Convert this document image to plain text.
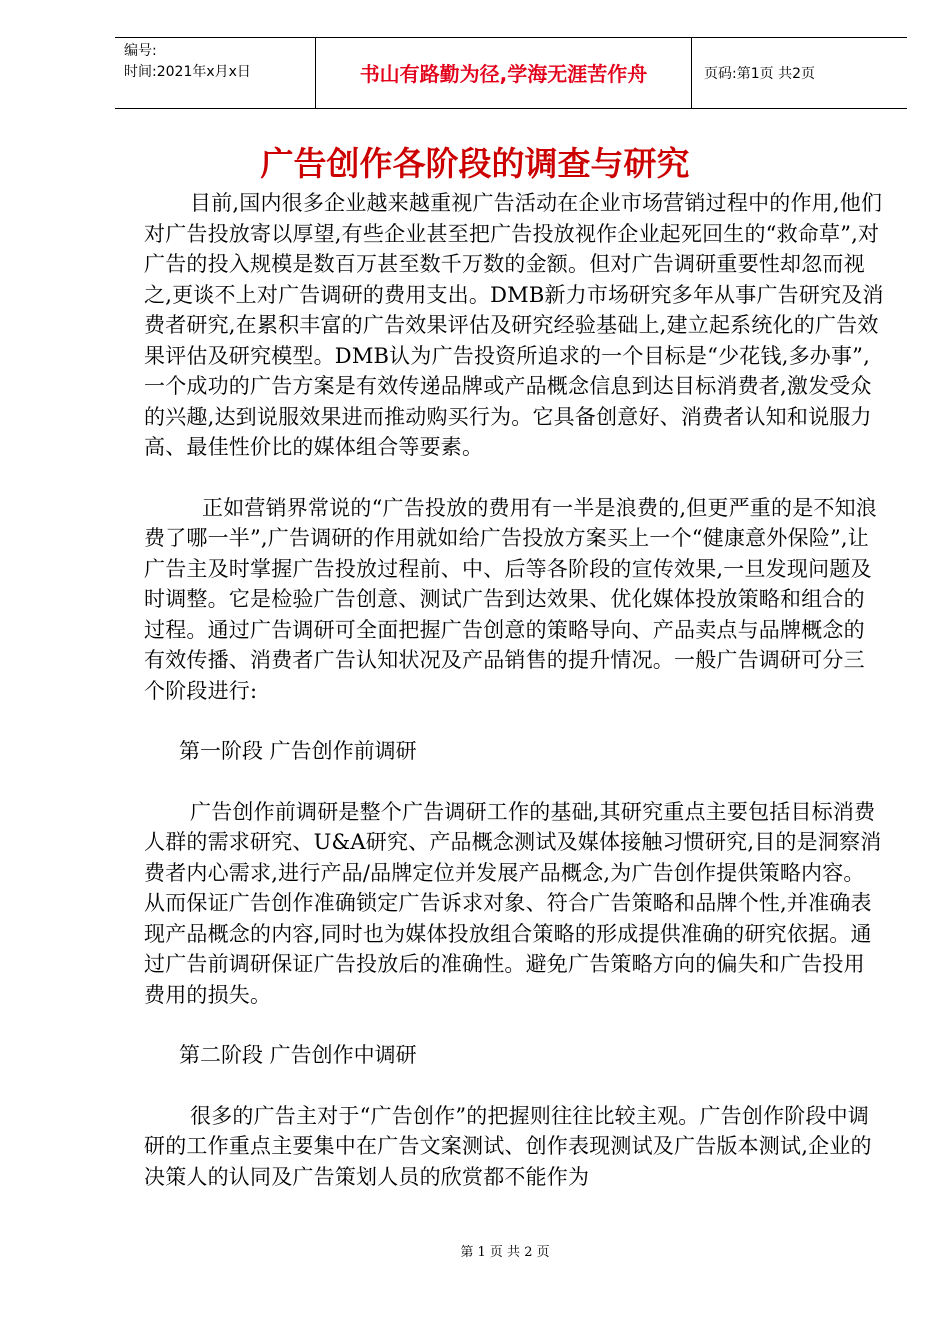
编号:
时间:2021年x月x日	书山有路勤为径,学海无涯苦作舟	页码:第1页 共2页
广告创作各阶段的调查与研究

目前,国内很多企业越来越重视广告活动在企业市场营销过程中的作用,他们对广告投放寄以厚望,有些企业甚至把广告投放视作企业起死回生的“救命草”,对广告的投入规模是数百万甚至数千万数的金额。但对广告调研重要性却忽而视之,更谈不上对广告调研的费用支出。DMB新力市场研究多年从事广告研究及消费者研究,在累积丰富的广告效果评估及研究经验基础上,建立起系统化的广告效果评估及研究模型。DMB认为广告投资所追求的一个目标是“少花钱,多办事”,一个成功的广告方案是有效传递品牌或产品概念信息到达目标消费者,激发受众的兴趣,达到说服效果进而推动购买行为。它具备创意好、消费者认知和说服力高、最佳性价比的媒体组合等要素。

正如营销界常说的“广告投放的费用有一半是浪费的,但更严重的是不知浪费了哪一半”,广告调研的作用就如给广告投放方案买上一个“健康意外保险”,让广告主及时掌握广告投放过程前、中、后等各阶段的宣传效果,一旦发现问题及时调整。它是检验广告创意、测试广告到达效果、优化媒体投放策略和组合的过程。通过广告调研可全面把握广告创意的策略导向、产品卖点与品牌概念的有效传播、消费者广告认知状况及产品销售的提升情况。一般广告调研可分三个阶段进行:

第一阶段 广告创作前调研

广告创作前调研是整个广告调研工作的基础,其研究重点主要包括目标消费人群的需求研究、U&A研究、产品概念测试及媒体接触习惯研究,目的是洞察消费者内心需求,进行产品/品牌定位并发展产品概念,为广告创作提供策略内容。从而保证广告创作准确锁定广告诉求对象、符合广告策略和品牌个性,并准确表现产品概念的内容,同时也为媒体投放组合策略的形成提供准确的研究依据。通过广告前调研保证广告投放后的准确性。避免广告策略方向的偏失和广告投用费用的损失。

第二阶段 广告创作中调研

很多的广告主对于“广告创作”的把握则往往比较主观。广告创作阶段中调研的工作重点主要集中在广告文案测试、创作表现测试及广告版本测试,企业的决策人的认同及广告策划人员的欣赏都不能作为

第 1 页 共 2 页
